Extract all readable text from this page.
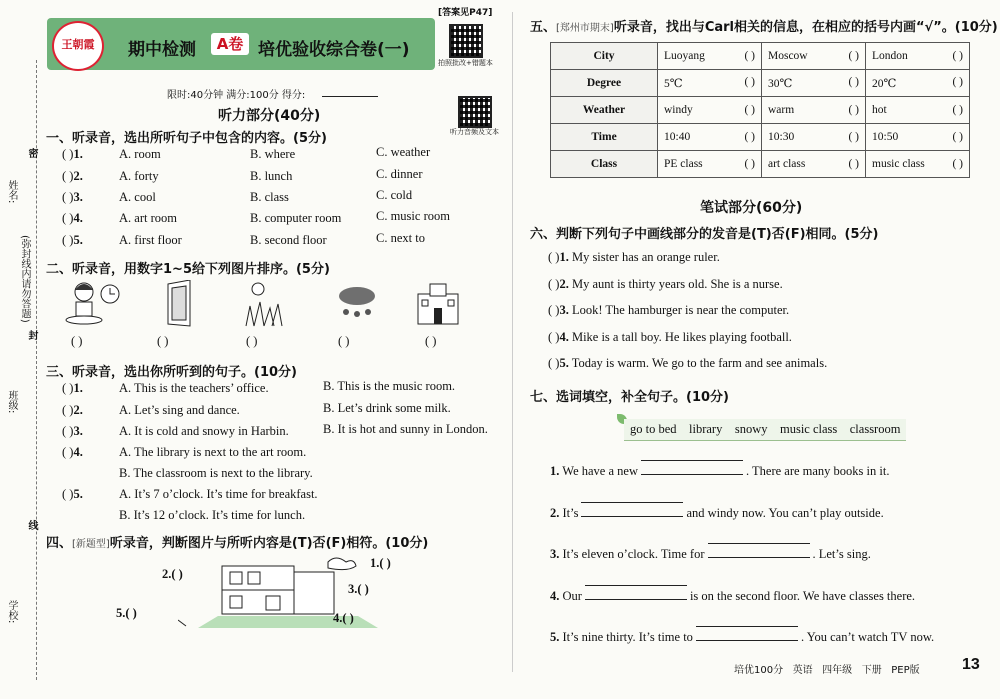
姓名:
密
(弥封线内请勿答题)
封
班级:
线
学校:
[答案见P47]
王朝霞	期中检测	A卷 培优验收综合卷(一)
拍照批改+错题本
限时:40分钟 满分:100分 得分:
听力部分(40分)
听力音频及文本
一、听录音，选出所听句子中包含的内容。(5分)
( )1.	A. room	B. where	C. weather
( )2.	A. forty	B. lunch	C. dinner
( )3.	A. cool	B. class	C. cold
( )4.	A. art room	B. computer room	C. music room
( )5.	A. first floor	B. second floor	C. next to
二、听录音，用数字1~5给下列图片排序。(5分)
( )	( )	( )	( )	( )
三、听录音，选出你所听到的句子。(10分)
( )1.	A. This is the teachers’ office.	B. This is the music room.
( )2.	A. Let’s sing and dance.	B. Let’s drink some milk.
( )3.	A. It is cold and snowy in Harbin.	B. It is hot and sunny in London.
( )4.	A. The library is next to the art room.
B. The classroom is next to the library.
( )5.	A. It’s 7 o’clock. It’s time for breakfast.
B. It’s 12 o’clock. It’s time for lunch.
四、[新题型]听录音，判断图片与所听内容是(T)否(F)相符。(10分)
1.( )
2.( )
3.( )
4.( )
5.( )
五、[郑州市期末]听录音，找出与Carl相关的信息，在相应的括号内画“√”。(10分)
City	Luoyang ( )	Moscow ( )	London ( )

Degree	5℃ ( )	30℃ ( )	20℃ ( )

Weather	windy ( )	warm ( )	hot ( )

Time	10:40 ( )	10:30 ( )	10:50 ( )

Class	PE class ( )	art class ( )	music class ( )
笔试部分(60分)
六、判断下列句子中画线部分的发音是(T)否(F)相同。(5分)
( )1. My sister has an orange ruler.
( )2. My aunt is thirty years old. She is a nurse.
( )3. Look! The hamburger is near the computer.
( )4. Mike is a tall boy. He likes playing football.
( )5. Today is warm. We go to the farm and see animals.
七、选词填空，补全句子。(10分)
go to bed    library    snowy    music class    classroom
1. We have a new	. There are many books in it.
2. It’s	and windy now. You can’t play outside.
3. It’s eleven o’clock. Time for	. Let’s sing.
4. Our	is on the second floor. We have classes there.
5. It’s nine thirty. It’s time to	. You can’t watch TV now.
培优100分   英语   四年级   下册   PEP版	13
